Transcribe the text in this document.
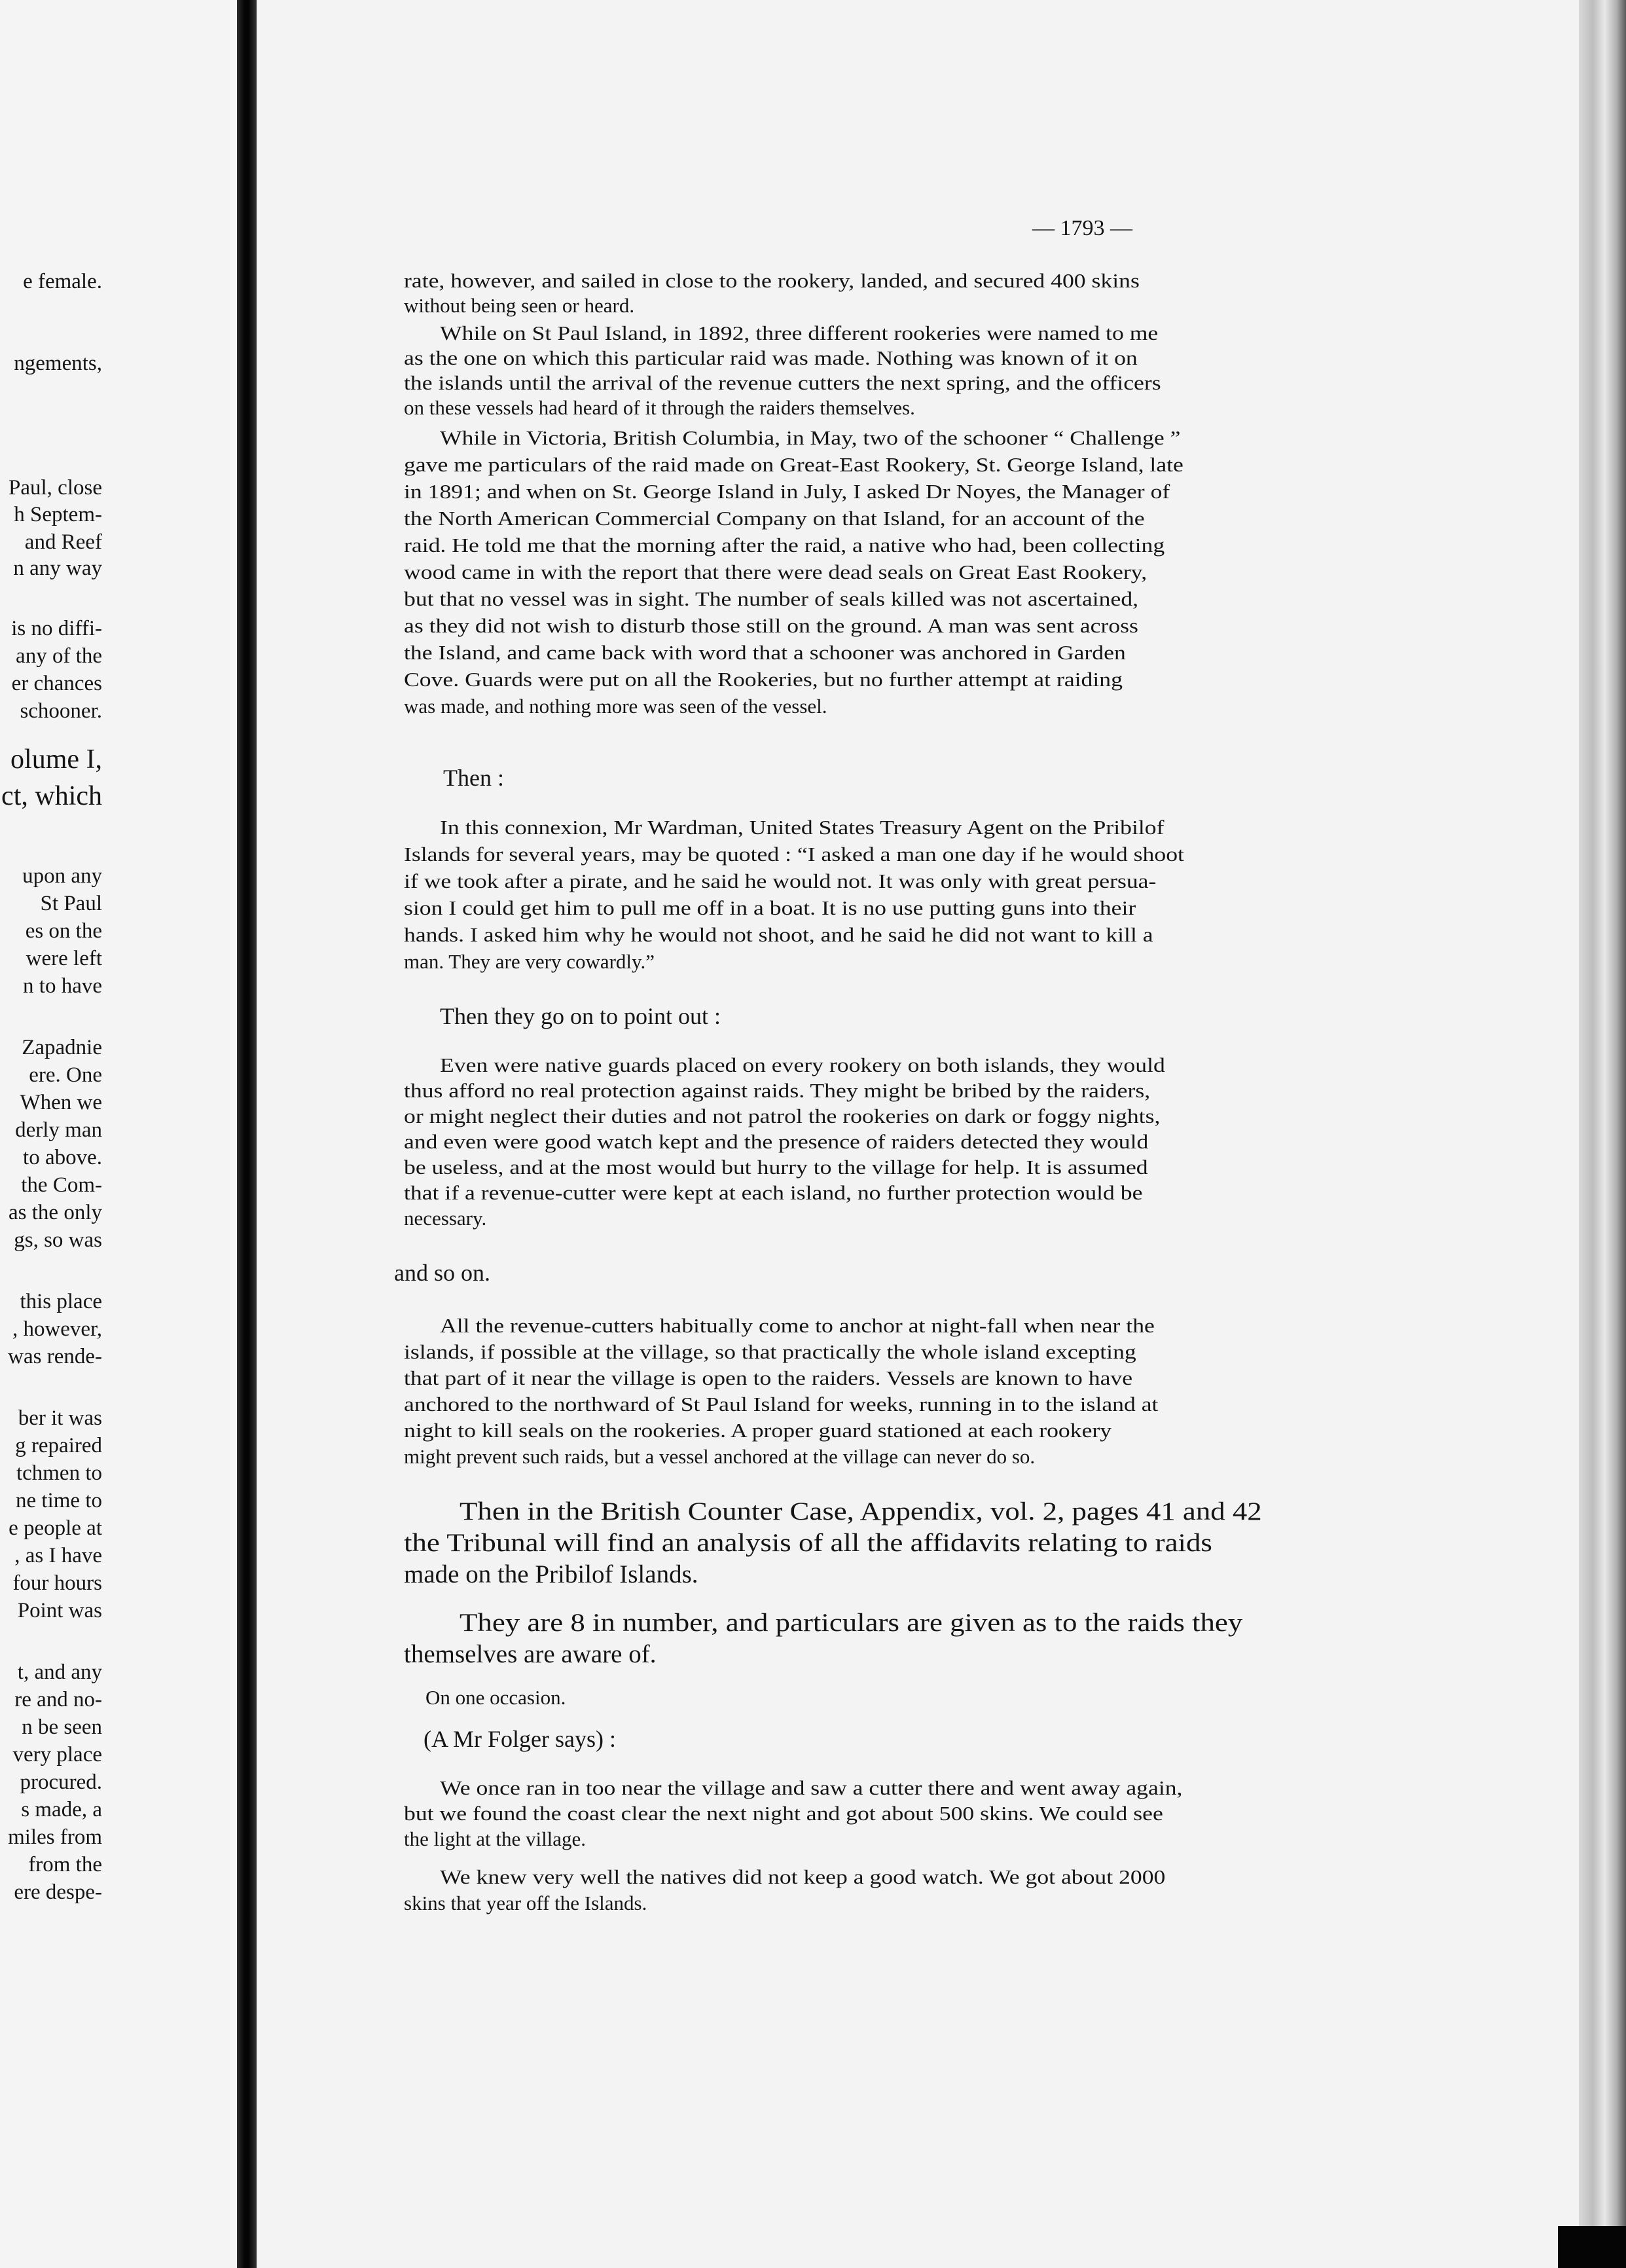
e female.
ngements,
Paul, close
h Septem-
and Reef
n any way
is no diffi-
any of the
er chances
schooner.
olume I,
ct, which
upon any
St Paul
es on the
were left
n to have
Zapadnie
ere. One
When we
derly man
to above.
the Com-
as the only
gs, so was
this place
, however,
was rende-
ber it was
g repaired
tchmen to
ne time to
e people at
, as I have
four hours
Point was
t, and any
re and no-
n be seen
very place
procured.
s made, a
miles from
from the
ere despe-
— 1793 —
rate, however, and sailed in close to the rookery, landed, and secured 400 skins
without being seen or heard.
While on St Paul Island, in 1892, three different rookeries were named to me
as the one on which this particular raid was made. Nothing was known of it on
the islands until the arrival of the revenue cutters the next spring, and the officers
on these vessels had heard of it through the raiders themselves.
While in Victoria, British Columbia, in May, two of the schooner “ Challenge ”
gave me particulars of the raid made on Great-East Rookery, St. George Island, late
in 1891; and when on St. George Island in July, I asked Dr Noyes, the Manager of
the North American Commercial Company on that Island, for an account of the
raid. He told me that the morning after the raid, a native who had, been collecting
wood came in with the report that there were dead seals on Great East Rookery,
but that no vessel was in sight. The number of seals killed was not ascertained,
as they did not wish to disturb those still on the ground. A man was sent across
the Island, and came back with word that a schooner was anchored in Garden
Cove. Guards were put on all the Rookeries, but no further attempt at raiding
was made, and nothing more was seen of the vessel.
Then :
In this connexion, Mr Wardman, United States Treasury Agent on the Pribilof
Islands for several years, may be quoted : “I asked a man one day if he would shoot
if we took after a pirate, and he said he would not. It was only with great persua-
sion I could get him to pull me off in a boat. It is no use putting guns into their
hands. I asked him why he would not shoot, and he said he did not want to kill a
man. They are very cowardly.”
Then they go on to point out :
Even were native guards placed on every rookery on both islands, they would
thus afford no real protection against raids. They might be bribed by the raiders,
or might neglect their duties and not patrol the rookeries on dark or foggy nights,
and even were good watch kept and the presence of raiders detected they would
be useless, and at the most would but hurry to the village for help. It is assumed
that if a revenue-cutter were kept at each island, no further protection would be
necessary.
and so on.
All the revenue-cutters habitually come to anchor at night-fall when near the
islands, if possible at the village, so that practically the whole island excepting
that part of it near the village is open to the raiders. Vessels are known to have
anchored to the northward of St Paul Island for weeks, running in to the island at
night to kill seals on the rookeries. A proper guard stationed at each rookery
might prevent such raids, but a vessel anchored at the village can never do so.
Then in the British Counter Case, Appendix, vol. 2, pages 41 and 42
the Tribunal will find an analysis of all the affidavits relating to raids
made on the Pribilof Islands.
They are 8 in number, and particulars are given as to the raids they
themselves are aware of.
On one occasion.
(A Mr Folger says) :
We once ran in too near the village and saw a cutter there and went away again,
but we found the coast clear the next night and got about 500 skins. We could see
the light at the village.
We knew very well the natives did not keep a good watch. We got about 2000
skins that year off the Islands.
